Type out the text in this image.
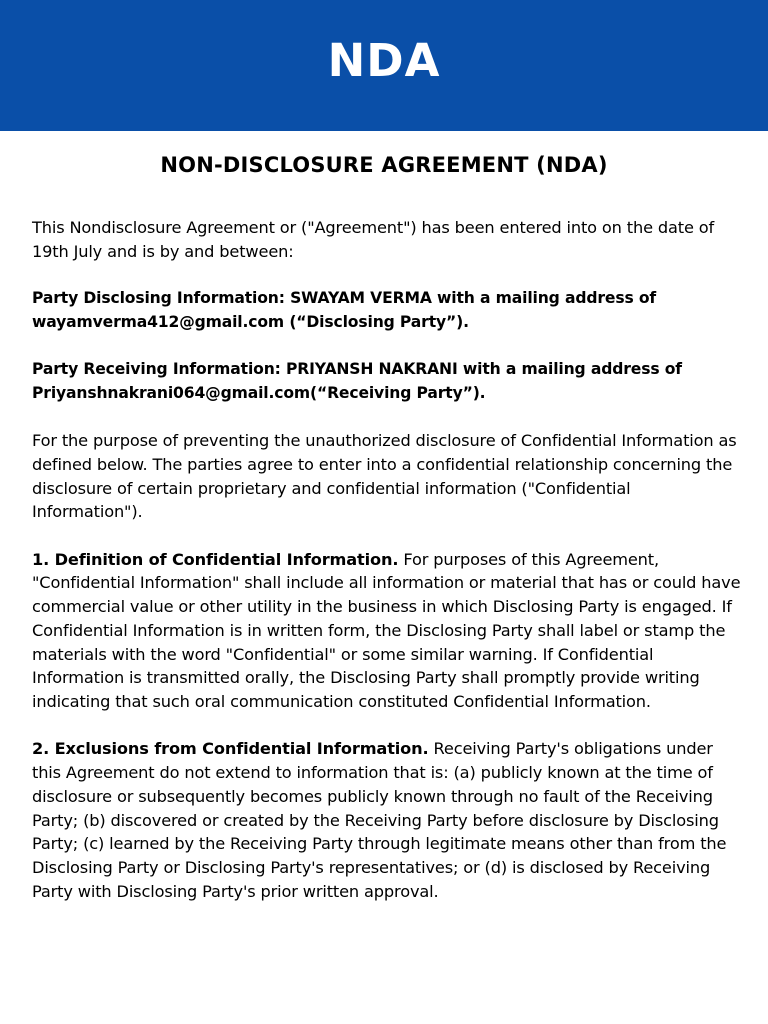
NDA
NON-DISCLOSURE AGREEMENT (NDA)

This Nondisclosure Agreement or ("Agreement") has been entered into on the date of 19th July and is by and between:

Party Disclosing Information: SWAYAM VERMA with a mailing address of wayamverma412@gmail.com (“Disclosing Party”).

Party Receiving Information: PRIYANSH NAKRANI with a mailing address of Priyanshnakrani064@gmail.com(“Receiving Party”).

For the purpose of preventing the unauthorized disclosure of Confidential Information as defined below. The parties agree to enter into a confidential relationship concerning the disclosure of certain proprietary and confidential information ("Confidential Information").

1. Definition of Confidential Information. For purposes of this Agreement, "Confidential Information" shall include all information or material that has or could have commercial value or other utility in the business in which Disclosing Party is engaged. If Confidential Information is in written form, the Disclosing Party shall label or stamp the materials with the word "Confidential" or some similar warning. If Confidential Information is transmitted orally, the Disclosing Party shall promptly provide writing indicating that such oral communication constituted Confidential Information.

2. Exclusions from Confidential Information. Receiving Party's obligations under this Agreement do not extend to information that is: (a) publicly known at the time of disclosure or subsequently becomes publicly known through no fault of the Receiving Party; (b) discovered or created by the Receiving Party before disclosure by Disclosing Party; (c) learned by the Receiving Party through legitimate means other than from the Disclosing Party or Disclosing Party's representatives; or (d) is disclosed by Receiving Party with Disclosing Party's prior written approval.
